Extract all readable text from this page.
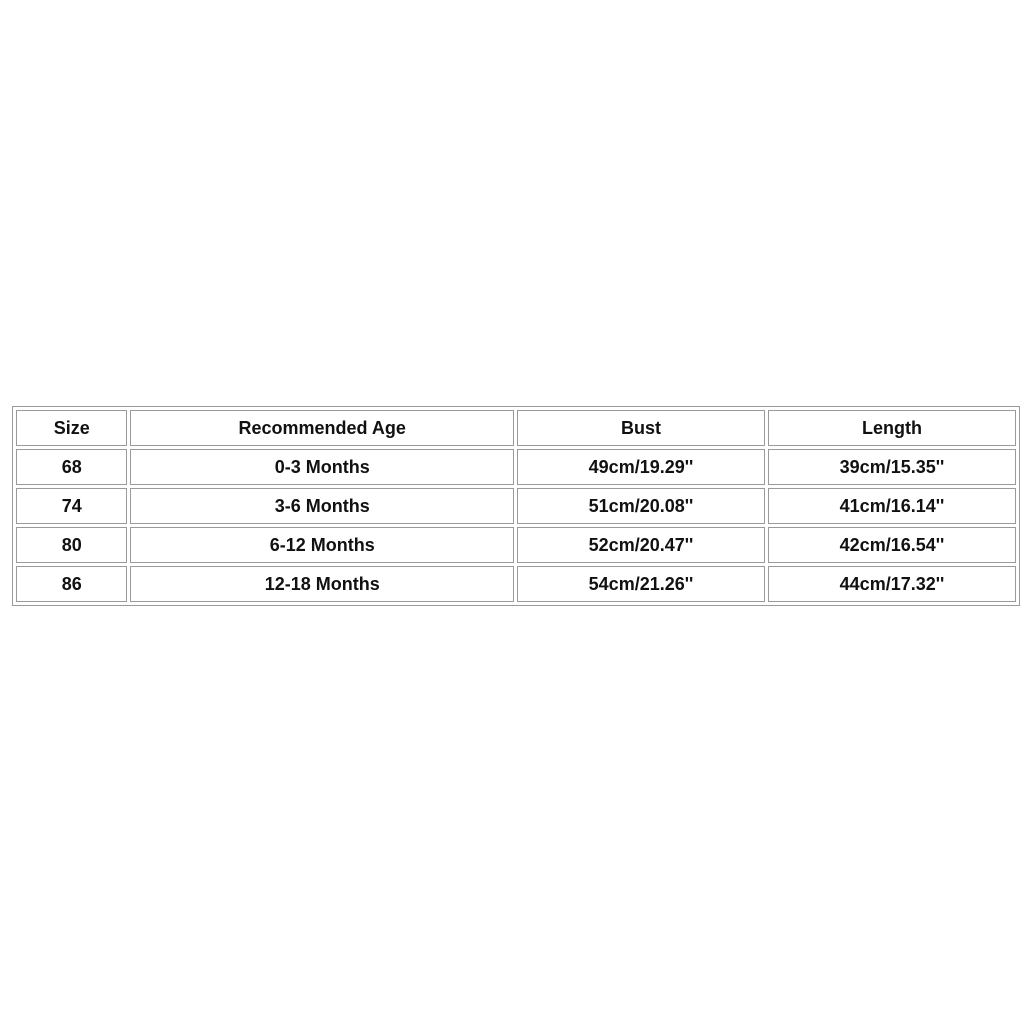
Size	Recommended Age	Bust	Length
68	0-3 Months	49cm/19.29''	39cm/15.35''
74	3-6 Months	51cm/20.08''	41cm/16.14''
80	6-12 Months	52cm/20.47''	42cm/16.54''
86	12-18 Months	54cm/21.26''	44cm/17.32''
